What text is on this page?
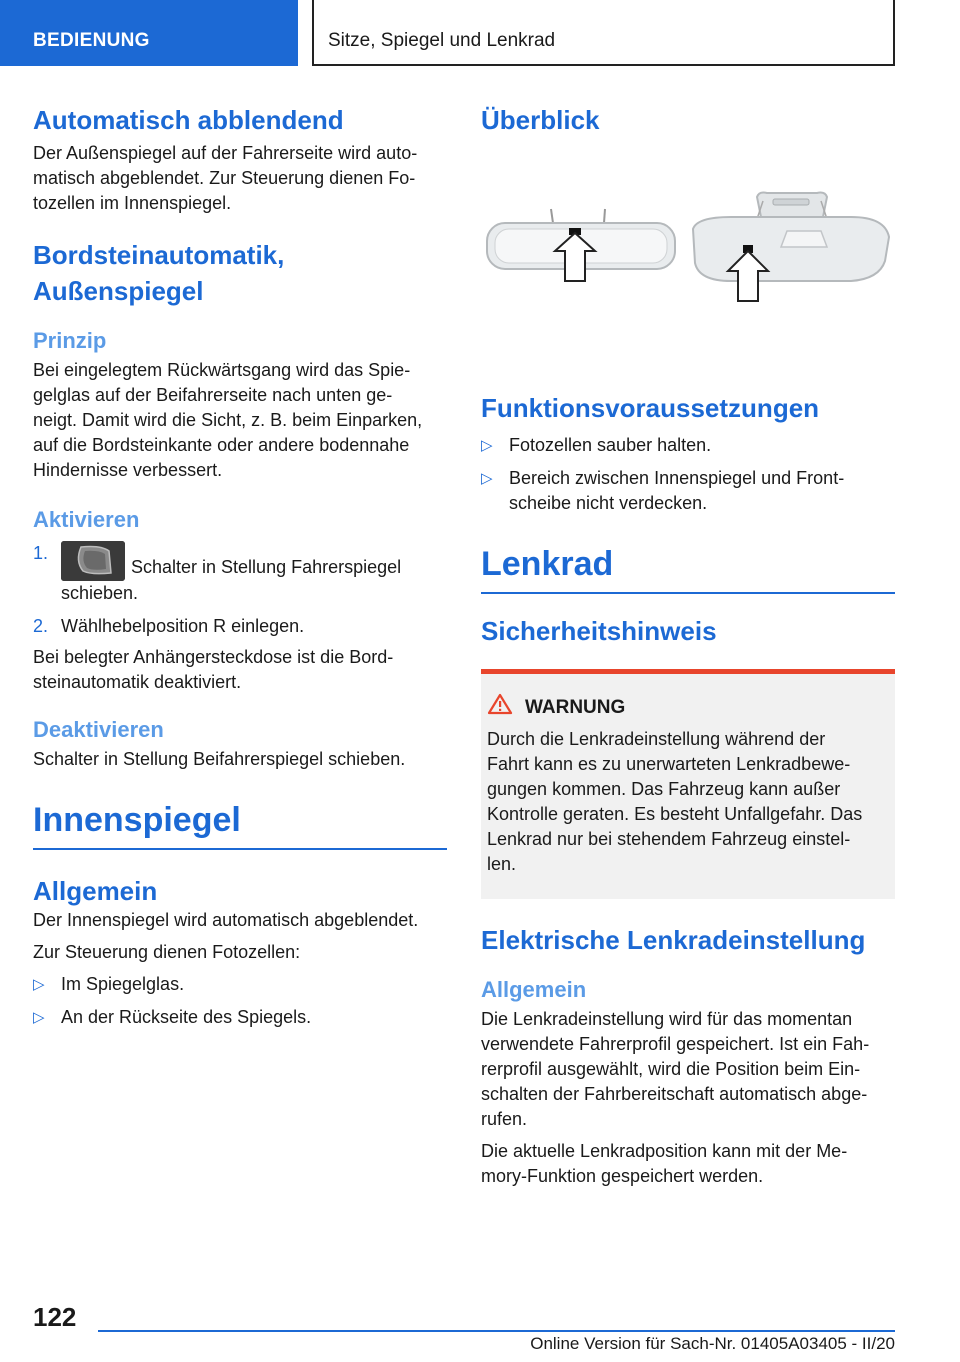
BEDIENUNG	Sitze, Spiegel und Lenkrad
Automatisch abblendend
Der Außenspiegel auf der Fahrerseite wird auto-
matisch abgeblendet. Zur Steuerung dienen Fo-
tozellen im Innenspiegel.
Bordsteinautomatik,
Außenspiegel
Prinzip
Bei eingelegtem Rückwärtsgang wird das Spie-
gelglas auf der Beifahrerseite nach unten ge-
neigt. Damit wird die Sicht, z. B. beim Einparken,
auf die Bordsteinkante oder andere bodennahe
Hindernisse verbessert.
Aktivieren
1.
Schalter in Stellung Fahrerspiegel
schieben.
2. Wählhebelposition R einlegen.
Bei belegter Anhängersteckdose ist die Bord-
steinautomatik deaktiviert.
Deaktivieren
Schalter in Stellung Beifahrerspiegel schieben.
Innenspiegel
Allgemein
Der Innenspiegel wird automatisch abgeblendet.
Zur Steuerung dienen Fotozellen:
▷ Im Spiegelglas.
▷ An der Rückseite des Spiegels.
Überblick
Funktionsvoraussetzungen
▷ Fotozellen sauber halten.
▷ Bereich zwischen Innenspiegel und Front-
scheibe nicht verdecken.
Lenkrad
Sicherheitshinweis
WARNUNG
Durch die Lenkradeinstellung während der
Fahrt kann es zu unerwarteten Lenkradbewe-
gungen kommen. Das Fahrzeug kann außer
Kontrolle geraten. Es besteht Unfallgefahr. Das
Lenkrad nur bei stehendem Fahrzeug einstel-
len.
Elektrische Lenkradeinstellung
Allgemein
Die Lenkradeinstellung wird für das momentan
verwendete Fahrerprofil gespeichert. Ist ein Fah-
rerprofil ausgewählt, wird die Position beim Ein-
schalten der Fahrbereitschaft automatisch abge-
rufen.
Die aktuelle Lenkradposition kann mit der Me-
mory-Funktion gespeichert werden.
122
Online Version für Sach-Nr. 01405A03405 - II/20
